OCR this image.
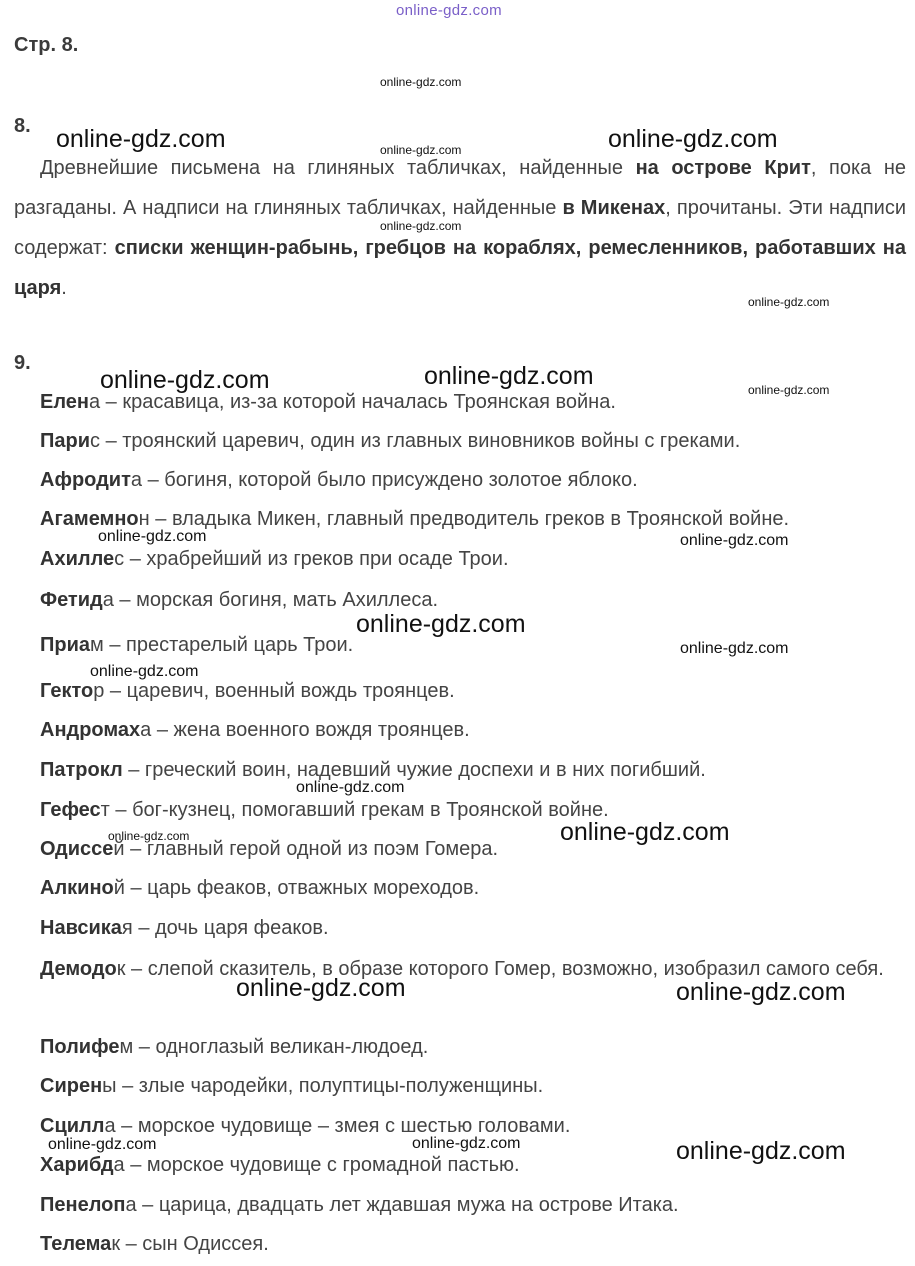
online-gdz.com
Стр. 8.
8.
Древнейшие письмена на глиняных табличках, найденные на острове Крит, пока не разгаданы. А надписи на глиняных табличках, найденные в Микенах, прочитаны. Эти надписи содержат: списки женщин-рабынь, гребцов на кораблях, ремесленников, работавших на царя.
9.
Елена – красавица, из-за которой началась Троянская война.
Парис – троянский царевич, один из главных виновников войны с греками.
Афродита – богиня, которой было присуждено золотое яблоко.
Агамемнон – владыка Микен, главный предводитель греков в Троянской войне.
Ахиллес – храбрейший из греков при осаде Трои.
Фетида – морская богиня, мать Ахиллеса.
Приам – престарелый царь Трои.
Гектор – царевич, военный вождь троянцев.
Андромаха – жена военного вождя троянцев.
Патрокл – греческий воин, надевший чужие доспехи и в них погибший.
Гефест – бог-кузнец, помогавший грекам в Троянской войне.
Одиссей – главный герой одной из поэм Гомера.
Алкиной – царь феаков, отважных мореходов.
Навсикая – дочь царя феаков.
Демодок – слепой сказитель, в образе которого Гомер, возможно, изобразил самого себя.
Полифем – одноглазый великан-людоед.
Сирены – злые чародейки, полуптицы-полуженщины.
Сцилла – морское чудовище – змея с шестью головами.
Харибда – морское чудовище с громадной пастью.
Пенелопа – царица, двадцать лет ждавшая мужа на острове Итака.
Телемак – сын Одиссея.
online-gdz.com	online-gdz.com
online-gdz.com	online-gdz.com
online-gdz.com
online-gdz.com
online-gdz.com	online-gdz.com
online-gdz.com
online-gdz.com
online-gdz.com
online-gdz.com
online-gdz.com
online-gdz.com
online-gdz.com
online-gdz.com	online-gdz.com
online-gdz.com
online-gdz.com
online-gdz.com
online-gdz.com	online-gdz.com
